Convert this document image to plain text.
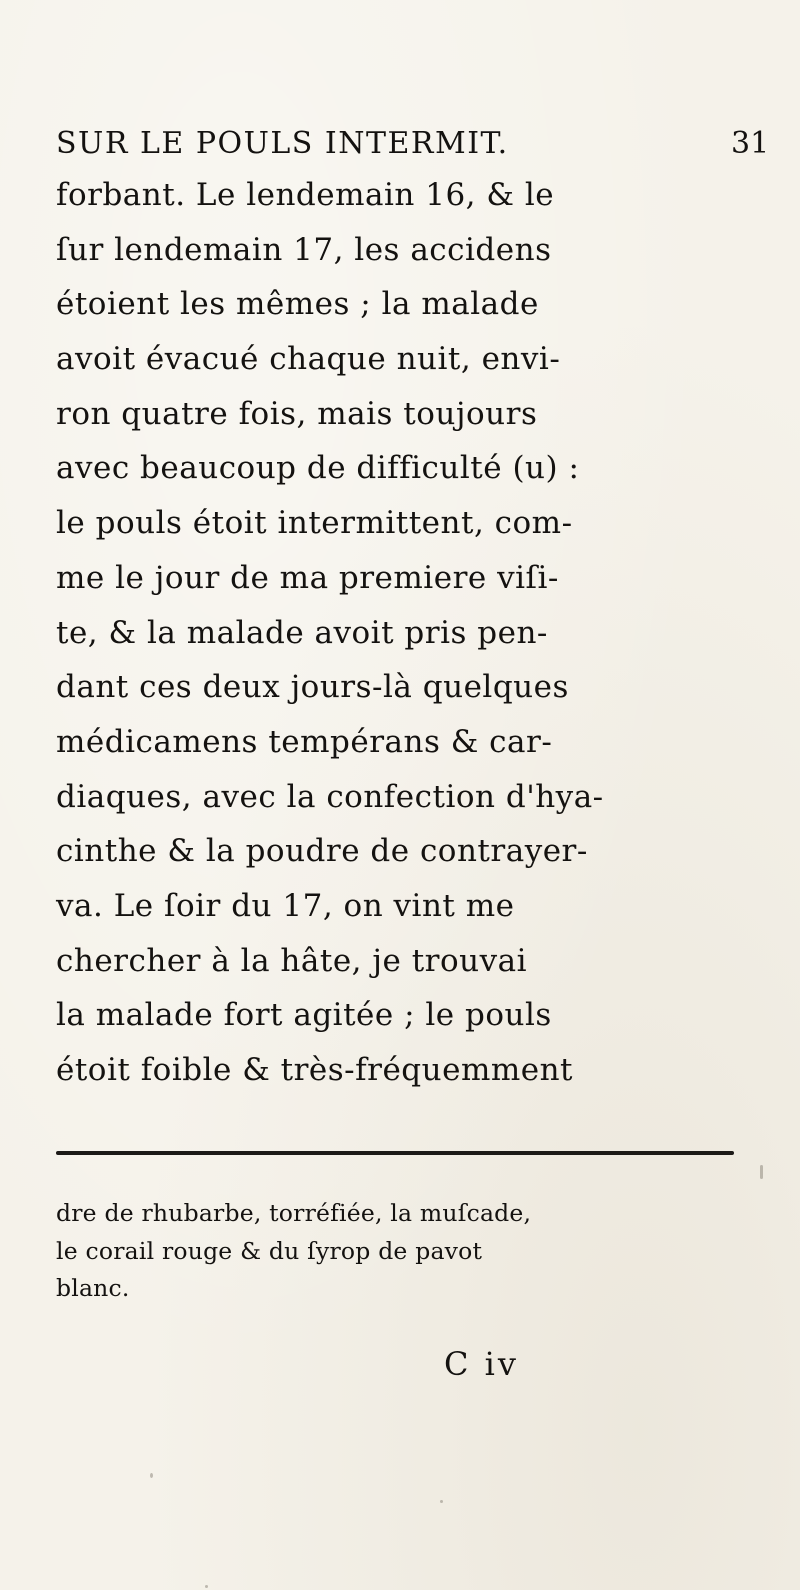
SUR LE POULS INTERMIT.	31
forbant. Le lendemain 16, & le
ſur lendemain 17, les accidens
étoient les mêmes ; la malade
avoit évacué chaque nuit, envi-
ron quatre fois, mais toujours
avec beaucoup de difficulté (u) :
le pouls étoit intermittent, com-
me le jour de ma premiere viſi-
te, & la malade avoit pris pen-
dant ces deux jours-là quelques
médicamens tempérans & car-
diaques, avec la confection d'hya-
cinthe & la poudre de contrayer-
va. Le ſoir du 17, on vint me
chercher à la hâte, je trouvai
la malade fort agitée ; le pouls
étoit foible & très-fréquemment
dre de rhubarbe, torréfiée, la muſcade,
le corail rouge & du ſyrop de pavot
blanc.
C iv
